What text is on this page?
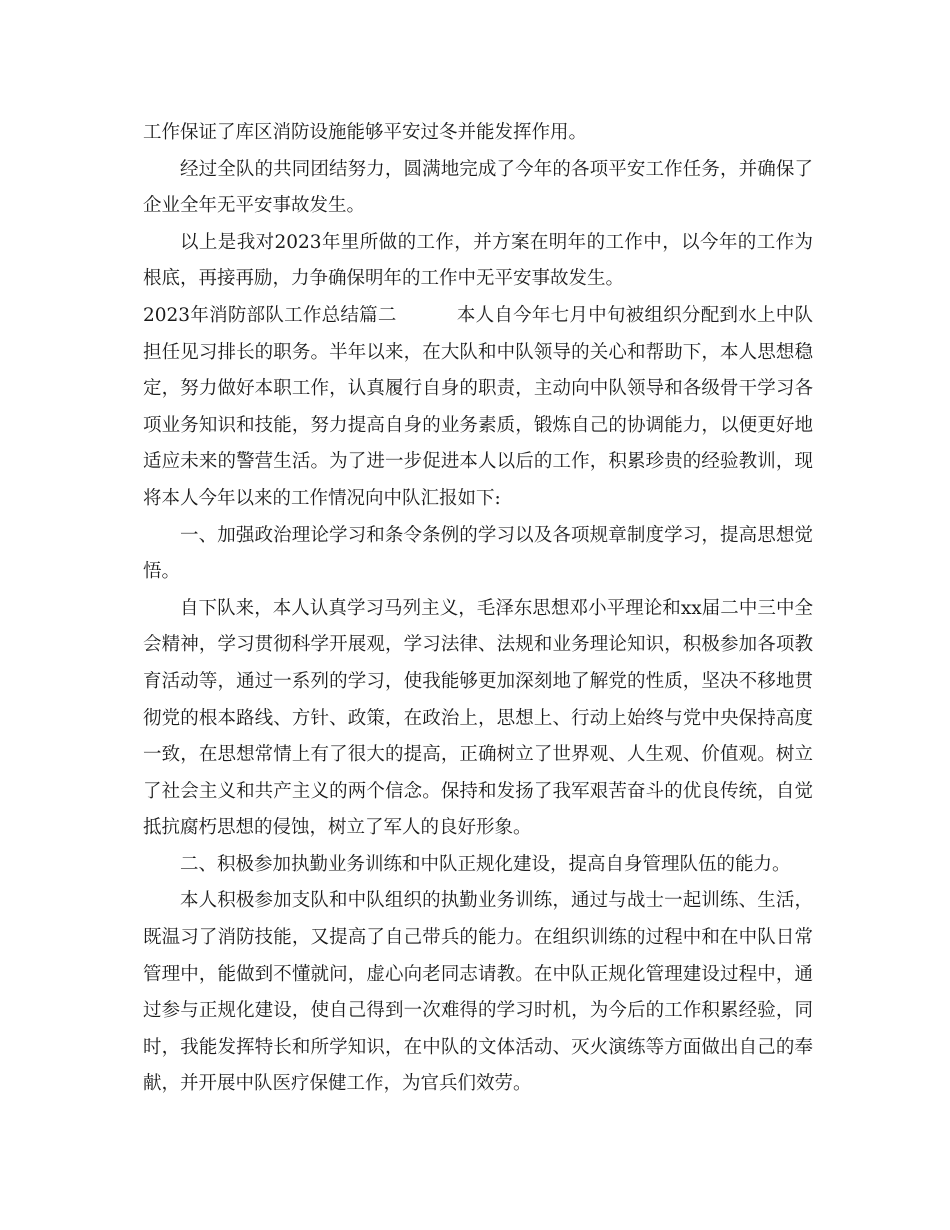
工作保证了库区消防设施能够平安过冬并能发挥作用。

经过全队的共同团结努力，圆满地完成了今年的各项平安工作任务，并确保了企业全年无平安事故发生。

以上是我对2023年里所做的工作，并方案在明年的工作中，以今年的工作为根底，再接再励，力争确保明年的工作中无平安事故发生。

2023年消防部队工作总结篇二	本人自今年七月中旬被组织分配到水上中队担任见习排长的职务。半年以来，在大队和中队领导的关心和帮助下，本人思想稳定，努力做好本职工作，认真履行自身的职责，主动向中队领导和各级骨干学习各项业务知识和技能，努力提高自身的业务素质，锻炼自己的协调能力，以便更好地适应未来的警营生活。为了进一步促进本人以后的工作，积累珍贵的经验教训，现将本人今年以来的工作情况向中队汇报如下:

一、加强政治理论学习和条令条例的学习以及各项规章制度学习，提高思想觉悟。

自下队来，本人认真学习马列主义，毛泽东思想邓小平理论和xx届二中三中全会精神，学习贯彻科学开展观，学习法律、法规和业务理论知识，积极参加各项教育活动等，通过一系列的学习，使我能够更加深刻地了解党的性质，坚决不移地贯彻党的根本路线、方针、政策，在政治上，思想上、行动上始终与党中央保持高度一致，在思想常情上有了很大的提高，正确树立了世界观、人生观、价值观。树立了社会主义和共产主义的两个信念。保持和发扬了我军艰苦奋斗的优良传统，自觉抵抗腐朽思想的侵蚀，树立了军人的良好形象。

二、积极参加执勤业务训练和中队正规化建设，提高自身管理队伍的能力。

本人积极参加支队和中队组织的执勤业务训练，通过与战士一起训练、生活，既温习了消防技能，又提高了自己带兵的能力。在组织训练的过程中和在中队日常管理中，能做到不懂就问，虚心向老同志请教。在中队正规化管理建设过程中，通过参与正规化建设，使自己得到一次难得的学习时机，为今后的工作积累经验，同时，我能发挥特长和所学知识，在中队的文体活动、灭火演练等方面做出自己的奉献，并开展中队医疗保健工作，为官兵们效劳。
